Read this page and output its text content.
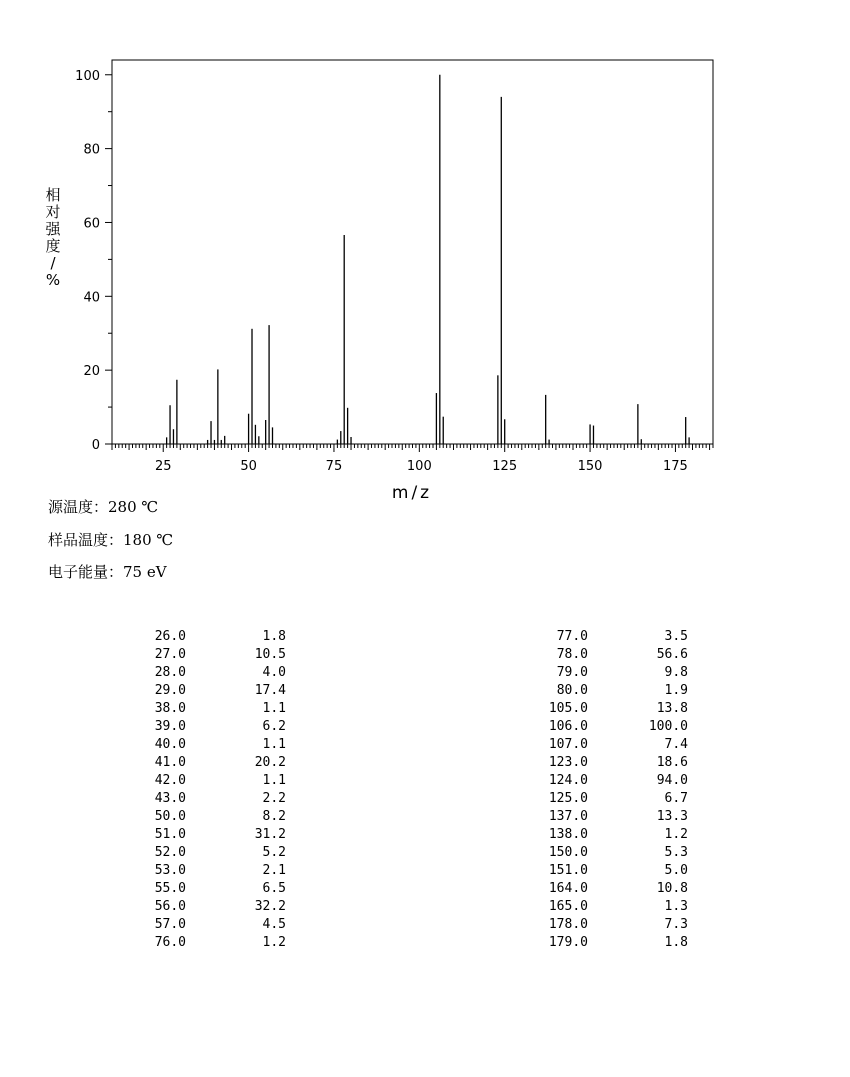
0
20
40
60
80
100
25	50	75	100	125	150	175
m/z
相对强度/ %
源温度：280 ℃
样品温度：180 ℃
电子能量：75 eV
26.0	1.8
27.0	10.5
28.0	4.0
29.0	17.4
38.0	1.1
39.0	6.2
40.0	1.1
41.0	20.2
42.0	1.1
43.0	2.2
50.0	8.2
51.0	31.2
52.0	5.2
53.0	2.1
55.0	6.5
56.0	32.2
57.0	4.5
76.0	1.2
77.0	3.5
78.0	56.6
79.0	9.8
80.0	1.9
105.0	13.8
106.0	100.0
107.0	7.4
123.0	18.6
124.0	94.0
125.0	6.7
137.0	13.3
138.0	1.2
150.0	5.3
151.0	5.0
164.0	10.8
165.0	1.3
178.0	7.3
179.0	1.8
